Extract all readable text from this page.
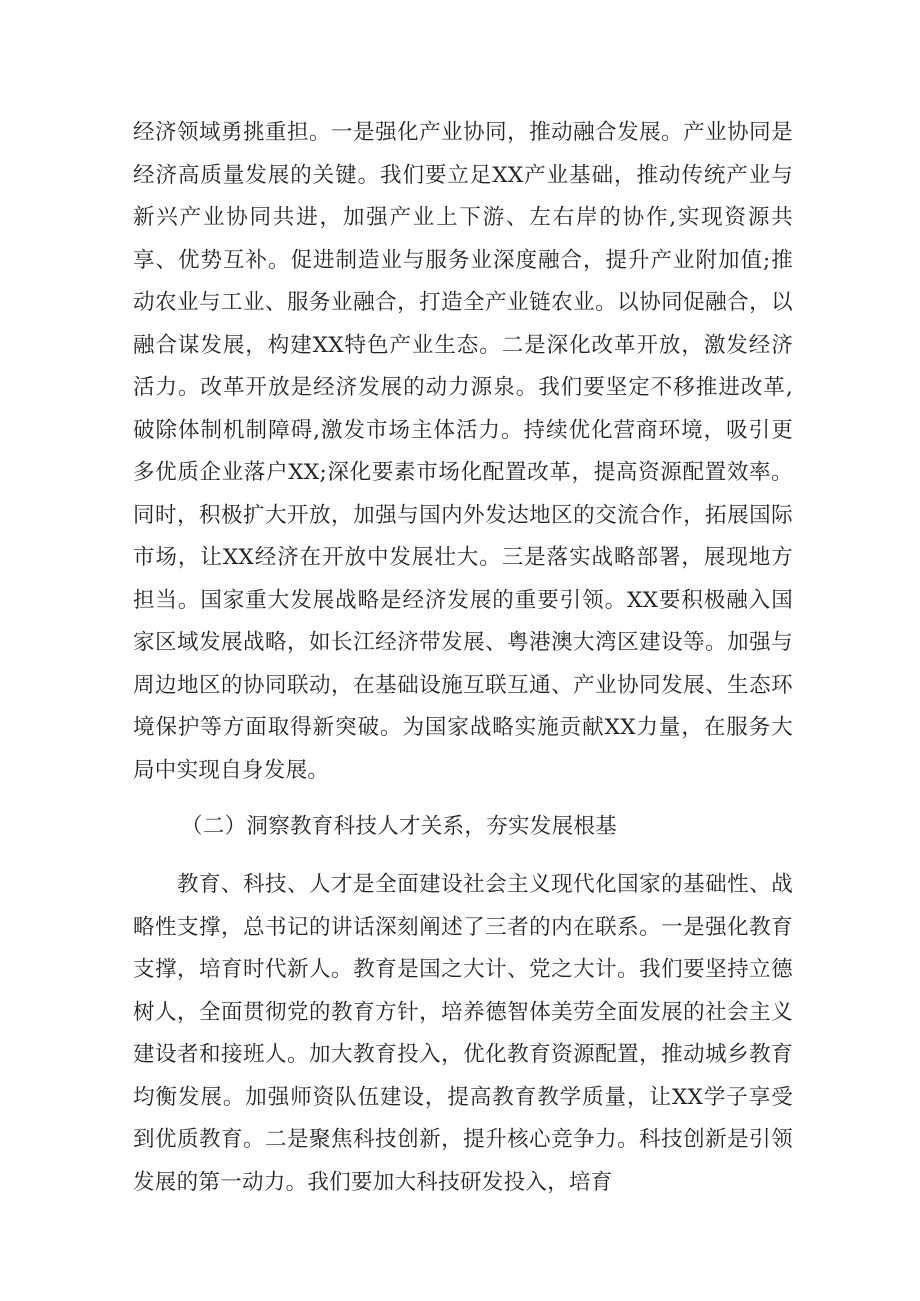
经济领域勇挑重担。一是强化产业协同，推动融合发展。产业协同是经济高质量发展的关键。我们要立足XX产业基础，推动传统产业与新兴产业协同共进，加强产业上下游、左右岸的协作,实现资源共享、优势互补。促进制造业与服务业深度融合，提升产业附加值;推动农业与工业、服务业融合，打造全产业链农业。以协同促融合，以融合谋发展，构建XX特色产业生态。二是深化改革开放，激发经济活力。改革开放是经济发展的动力源泉。我们要坚定不移推进改革,破除体制机制障碍,激发市场主体活力。持续优化营商环境，吸引更多优质企业落户XX;深化要素市场化配置改革，提高资源配置效率。同时，积极扩大开放，加强与国内外发达地区的交流合作，拓展国际市场，让XX经济在开放中发展壮大。三是落实战略部署，展现地方担当。国家重大发展战略是经济发展的重要引领。XX要积极融入国家区域发展战略，如长江经济带发展、粤港澳大湾区建设等。加强与周边地区的协同联动，在基础设施互联互通、产业协同发展、生态环境保护等方面取得新突破。为国家战略实施贡献XX力量，在服务大局中实现自身发展。

（二）洞察教育科技人才关系，夯实发展根基

教育、科技、人才是全面建设社会主义现代化国家的基础性、战略性支撑，总书记的讲话深刻阐述了三者的内在联系。一是强化教育支撑，培育时代新人。教育是国之大计、党之大计。我们要坚持立德树人，全面贯彻党的教育方针，培养德智体美劳全面发展的社会主义建设者和接班人。加大教育投入，优化教育资源配置，推动城乡教育均衡发展。加强师资队伍建设，提高教育教学质量，让XX学子享受到优质教育。二是聚焦科技创新，提升核心竞争力。科技创新是引领发展的第一动力。我们要加大科技研发投入，培育
